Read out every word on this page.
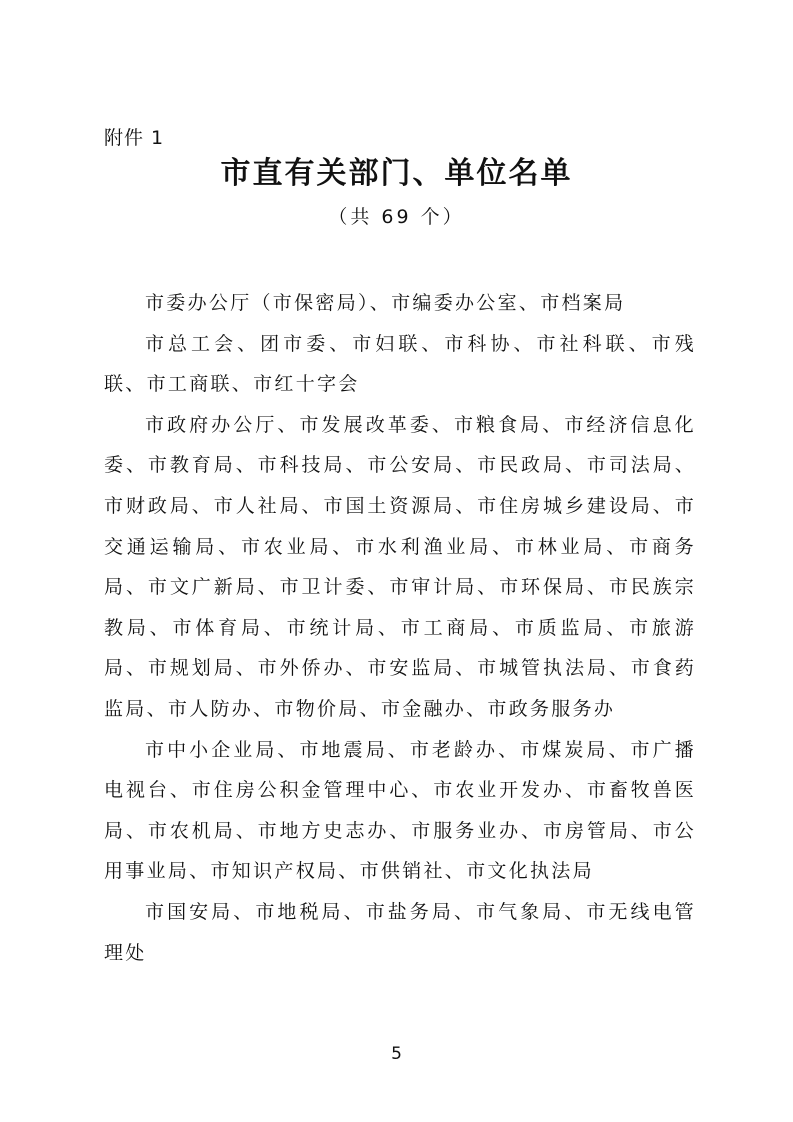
附件 1
市直有关部门、单位名单
（共 69 个）

市委办公厅（市保密局）、市编委办公室、市档案局

市总工会、团市委、市妇联、市科协、市社科联、市残联、市工商联、市红十字会

市政府办公厅、市发展改革委、市粮食局、市经济信息化委、市教育局、市科技局、市公安局、市民政局、市司法局、市财政局、市人社局、市国土资源局、市住房城乡建设局、市交通运输局、市农业局、市水利渔业局、市林业局、市商务局、市文广新局、市卫计委、市审计局、市环保局、市民族宗教局、市体育局、市统计局、市工商局、市质监局、市旅游局、市规划局、市外侨办、市安监局、市城管执法局、市食药监局、市人防办、市物价局、市金融办、市政务服务办

市中小企业局、市地震局、市老龄办、市煤炭局、市广播电视台、市住房公积金管理中心、市农业开发办、市畜牧兽医局、市农机局、市地方史志办、市服务业办、市房管局、市公用事业局、市知识产权局、市供销社、市文化执法局

市国安局、市地税局、市盐务局、市气象局、市无线电管理处

5
